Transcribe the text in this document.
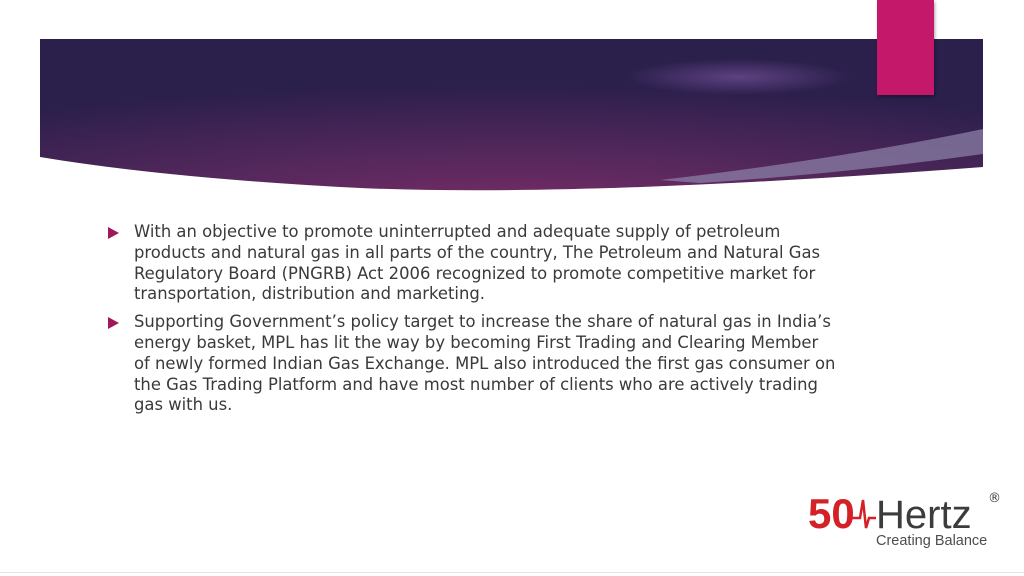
With an objective to promote uninterrupted and adequate supply of petroleum products and natural gas in all parts of the country, The Petroleum and Natural Gas Regulatory Board (PNGRB) Act 2006 recognized to promote competitive market for transportation, distribution and marketing.
Supporting Government’s policy target to increase the share of natural gas in India’s energy basket, MPL has lit the way by becoming First Trading and Clearing Member of newly formed Indian Gas Exchange. MPL also introduced the first gas consumer on the Gas Trading Platform and have most number of clients who are actively trading gas with us.
50 Hertz ®
Creating Balance
